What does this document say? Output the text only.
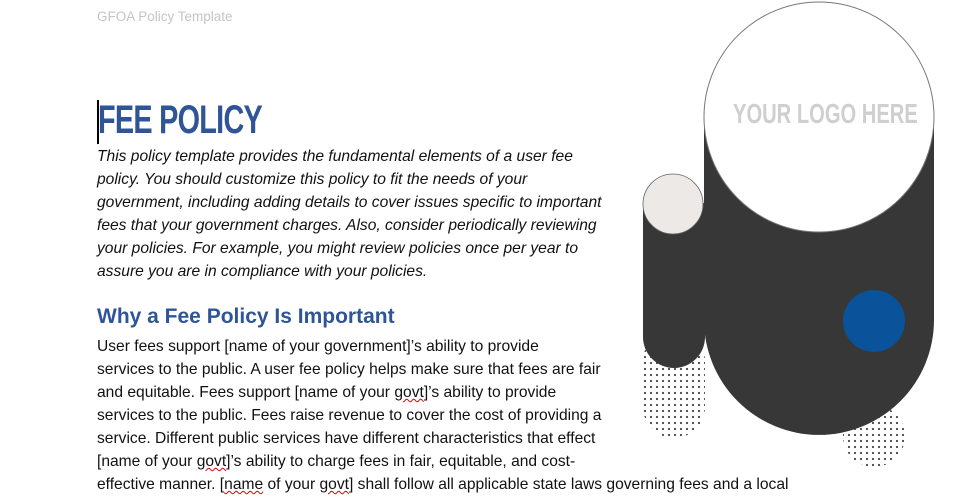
YOUR LOGO HERE
GFOA Policy Template
FEE POLICY
This policy template provides the fundamental elements of a user fee
policy. You should customize this policy to fit the needs of your
government, including adding details to cover issues specific to important
fees that your government charges. Also, consider periodically reviewing
your policies. For example, you might review policies once per year to
assure you are in compliance with your policies.
Why a Fee Policy Is Important
User fees support [name of your government]’s ability to provide
services to the public. A user fee policy helps make sure that fees are fair
and equitable. Fees support [name of your govt]’s ability to provide
services to the public. Fees raise revenue to cover the cost of providing a
service. Different public services have different characteristics that effect
[name of your govt]’s ability to charge fees in fair, equitable, and cost-
effective manner. [name of your govt] shall follow all applicable state laws governing fees and a local
